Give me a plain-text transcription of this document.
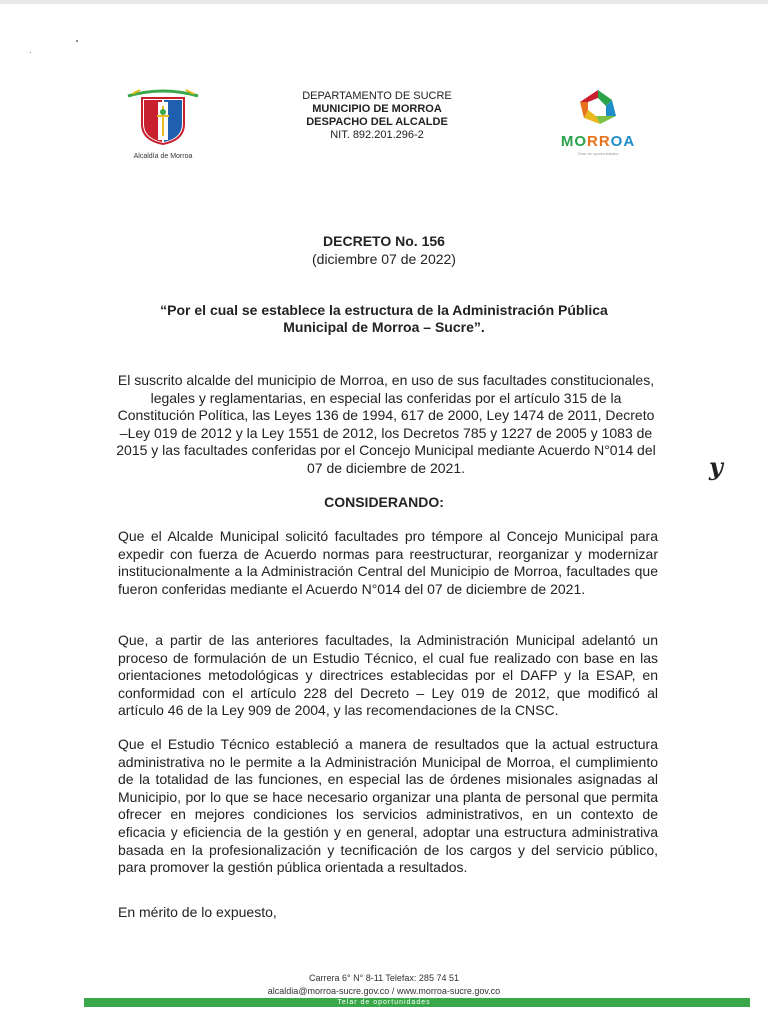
Alcaldía de Morroa
DEPARTAMENTO DE SUCRE
MUNICIPIO DE MORROA
DESPACHO DEL ALCALDE
NIT. 892.201.296-2	MORROA
Telar de oportunidades
DECRETO No. 156
(diciembre 07 de 2022)
“Por el cual se establece la estructura de la Administración Pública Municipal de Morroa – Sucre”.
El suscrito alcalde del municipio de Morroa, en uso de sus facultades constitucionales, legales y reglamentarias, en especial las conferidas por el artículo 315 de la Constitución Política, las Leyes 136 de 1994, 617 de 2000, Ley 1474 de 2011, Decreto –Ley 019 de 2012 y la Ley 1551 de 2012, los Decretos 785 y 1227 de 2005 y 1083 de 2015 y las facultades conferidas por el Concejo Municipal mediante Acuerdo N°014 del 07 de diciembre de 2021.	y
CONSIDERANDO:

Que el Alcalde Municipal solicitó facultades pro témpore al Concejo Municipal para expedir con fuerza de Acuerdo normas para reestructurar, reorganizar y modernizar institucionalmente a la Administración Central del Municipio de Morroa, facultades que fueron conferidas mediante el Acuerdo N°014 del 07 de diciembre de 2021.

Que, a partir de las anteriores facultades, la Administración Municipal adelantó un proceso de formulación de un Estudio Técnico, el cual fue realizado con base en las orientaciones metodológicas y directrices establecidas por el DAFP y la ESAP, en conformidad con el artículo 228 del Decreto – Ley 019 de 2012, que modificó al artículo 46 de la Ley 909 de 2004, y las recomendaciones de la CNSC.

Que el Estudio Técnico estableció a manera de resultados que la actual estructura administrativa no le permite a la Administración Municipal de Morroa, el cumplimiento de la totalidad de las funciones, en especial las de órdenes misionales asignadas al Municipio, por lo que se hace necesario organizar una planta de personal que permita ofrecer en mejores condiciones los servicios administrativos, en un contexto de eficacia y eficiencia de la gestión y en general, adoptar una estructura administrativa basada en la profesionalización y tecnificación de los cargos y del servicio público, para promover la gestión pública orientada a resultados.

En mérito de lo expuesto,
Carrera 6° N° 8-11 Telefax: 285 74 51
alcaldia@morroa-sucre.gov.co / www.morroa-sucre.gov.co
Telar de oportunidades
